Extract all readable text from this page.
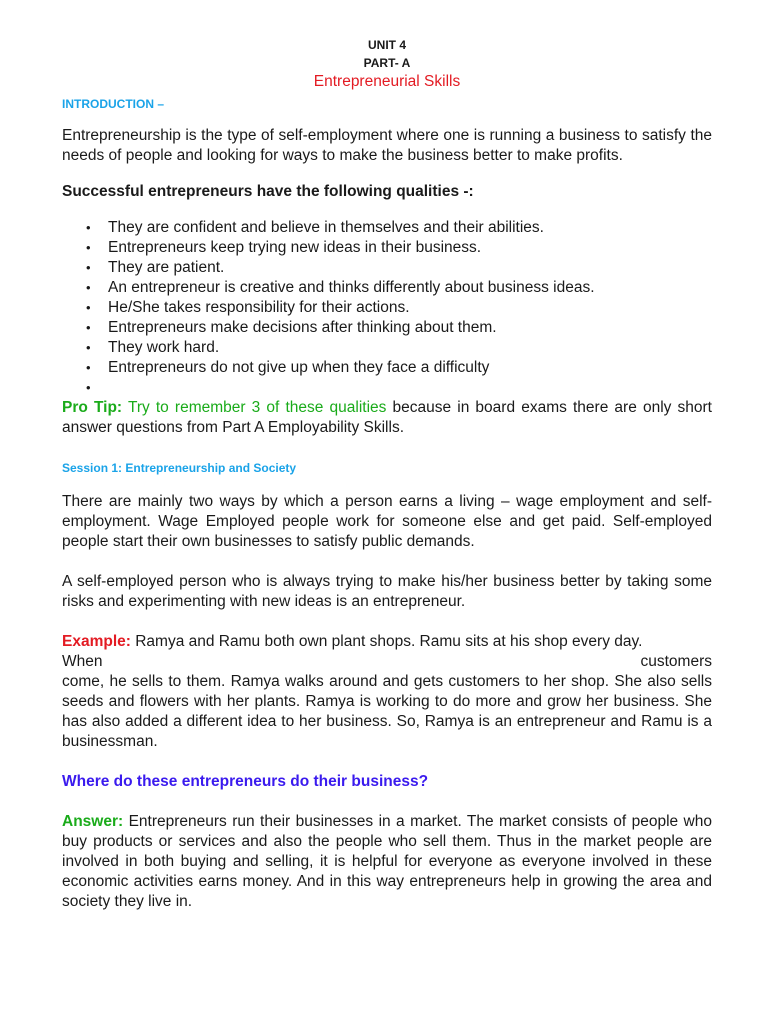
UNIT 4

PART- A

Entrepreneurial Skills

INTRODUCTION –

Entrepreneurship is the type of self-employment where one is running a business to satisfy the needs of people and looking for ways to make the business better to make profits.

Successful entrepreneurs have the following qualities -:

• They are confident and believe in themselves and their abilities.
• Entrepreneurs keep trying new ideas in their business.
• They are patient.
• An entrepreneur is creative and thinks differently about business ideas.
• He/She takes responsibility for their actions.
• Entrepreneurs make decisions after thinking about them.
• They work hard.
• Entrepreneurs do not give up when they face a difficulty
•

Pro Tip: Try to remember 3 of these qualities because in board exams there are only short answer questions from Part A Employability Skills.

Session 1: Entrepreneurship and Society

There are mainly two ways by which a person earns a living – wage employment and self-employment. Wage Employed people work for someone else and get paid. Self-employed people start their own businesses to satisfy public demands.

A self-employed person who is always trying to make his/her business better by taking some risks and experimenting with new ideas is an entrepreneur.

Example: Ramya and Ramu both own plant shops. Ramu sits at his shop every day.

When customers

come, he sells to them. Ramya walks around and gets customers to her shop. She also sells seeds and flowers with her plants. Ramya is working to do more and grow her business. She has also added a different idea to her business. So, Ramya is an entrepreneur and Ramu is a businessman.

Where do these entrepreneurs do their business?

Answer: Entrepreneurs run their businesses in a market. The market consists of people who buy products or services and also the people who sell them. Thus in the market people are involved in both buying and selling, it is helpful for everyone as everyone involved in these economic activities earns money. And in this way entrepreneurs help in growing the area and society they live in.
